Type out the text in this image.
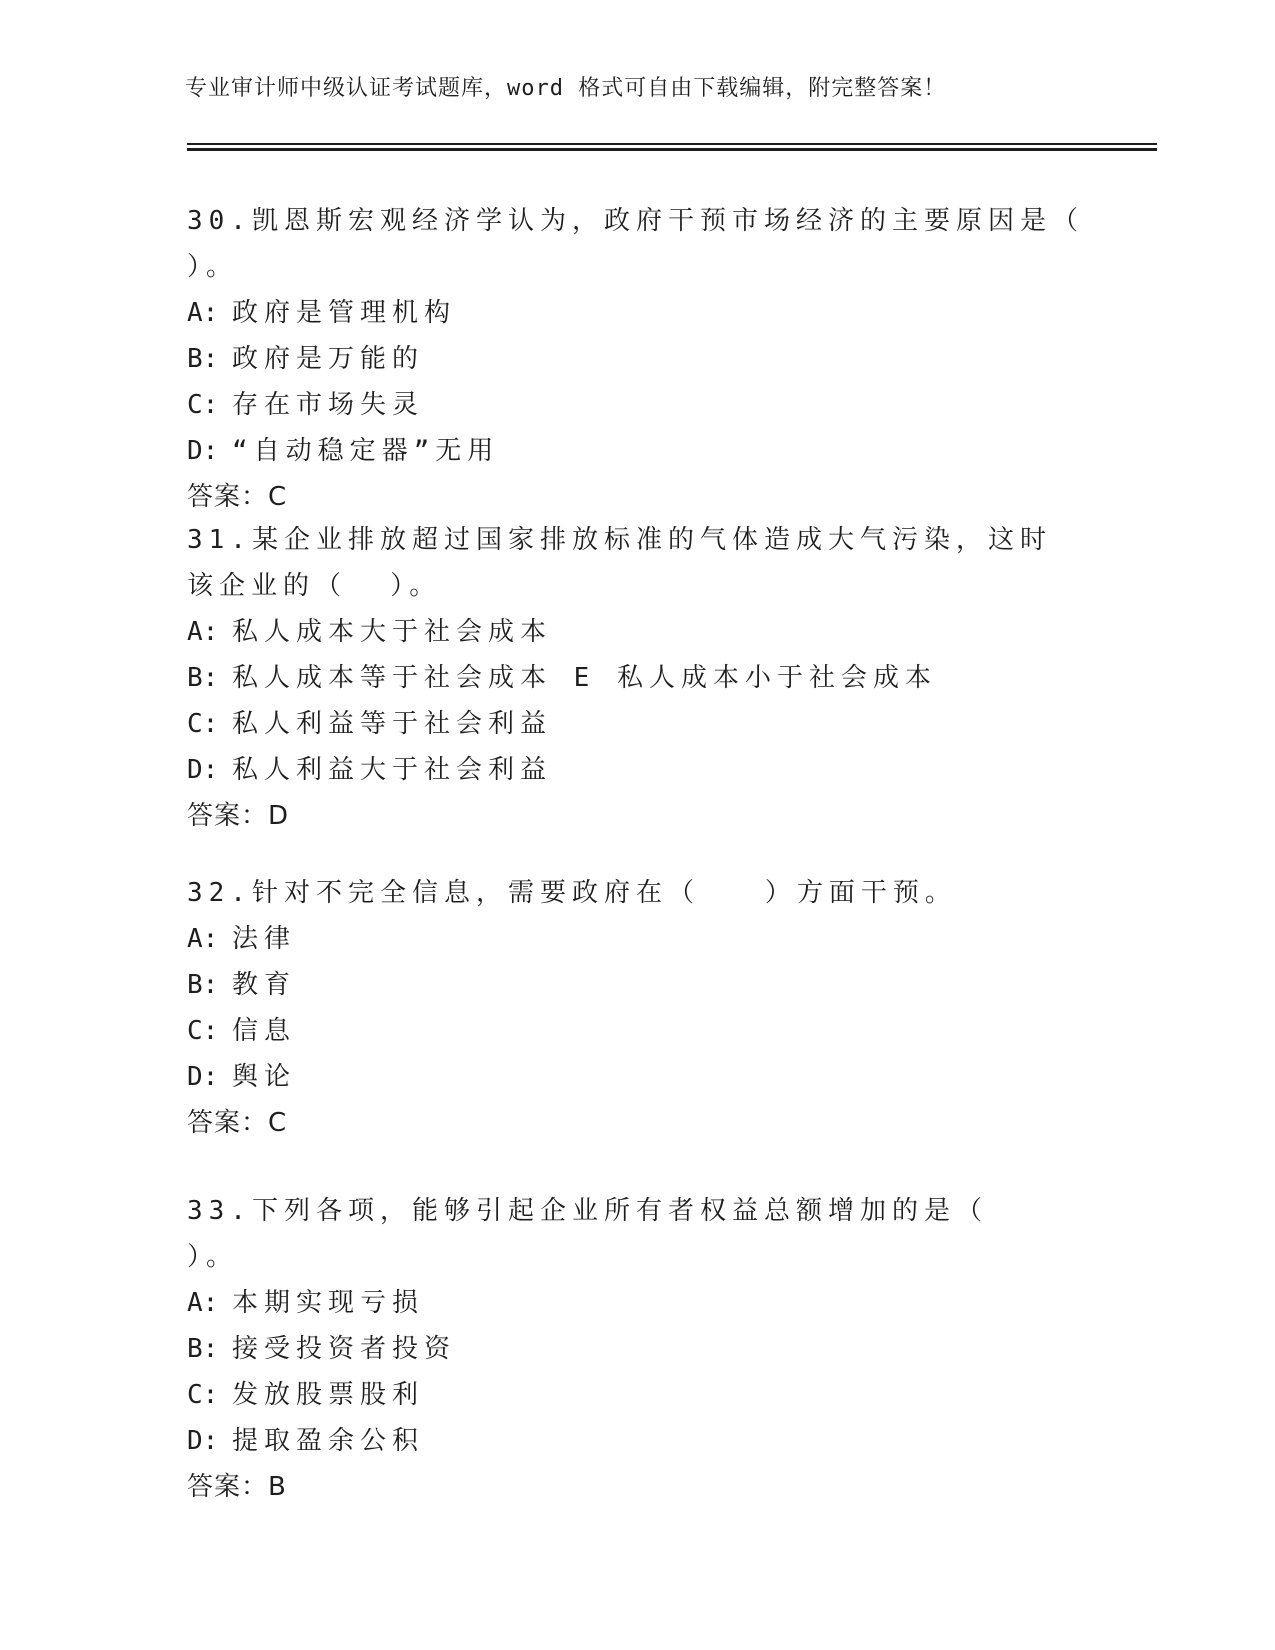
专业审计师中级认证考试题库，word 格式可自由下载编辑，附完整答案！
30.凯恩斯宏观经济学认为，政府干预市场经济的主要原因是（  ）。
A: 政府是管理机构
B: 政府是万能的
C: 存在市场失灵
D: “自动稳定器”无用
答案：C
31.某企业排放超过国家排放标准的气体造成大气污染，这时该企业的（  ）。
A: 私人成本大于社会成本
B: 私人成本等于社会成本 E 私人成本小于社会成本
C: 私人利益等于社会利益
D: 私人利益大于社会利益
答案：D
32.针对不完全信息，需要政府在（   ）方面干预。
A: 法律
B: 教育
C: 信息
D: 舆论
答案：C
33.下列各项，能够引起企业所有者权益总额增加的是（   ）。
A: 本期实现亏损
B: 接受投资者投资
C: 发放股票股利
D: 提取盈余公积
答案：B
